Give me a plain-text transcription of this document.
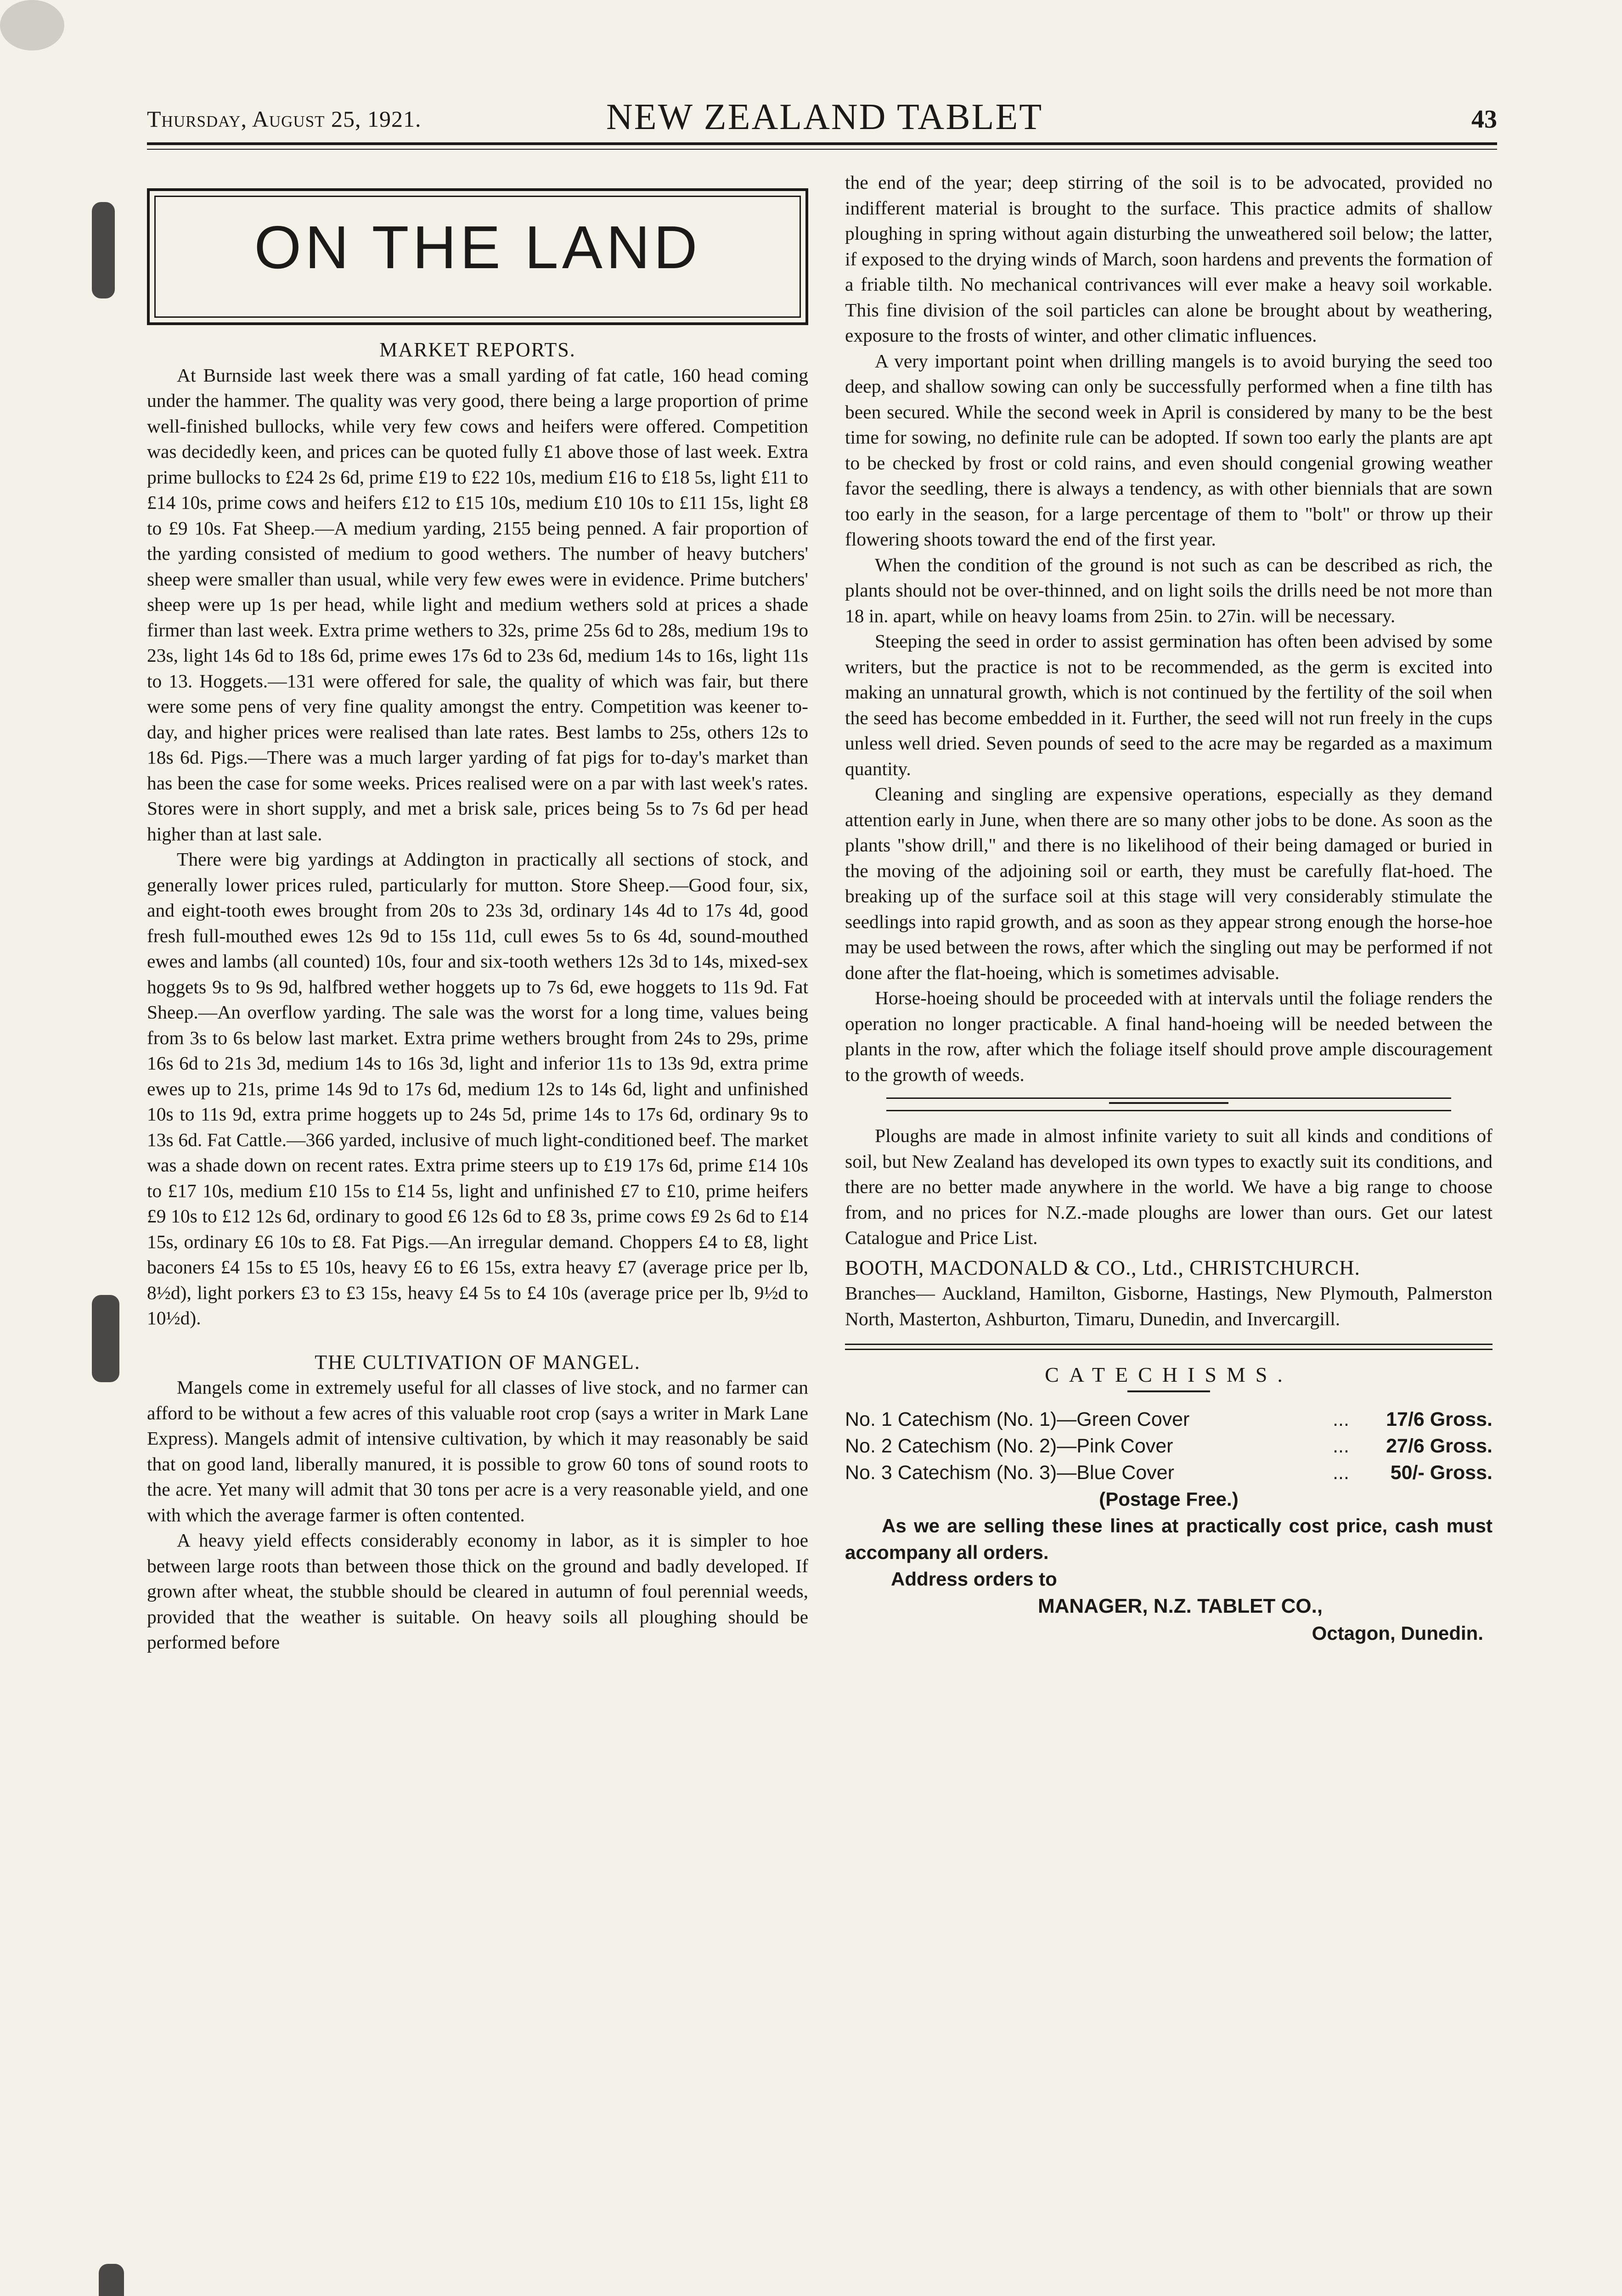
Thursday, August 25, 1921.	NEW ZEALAND TABLET	43
ON THE LAND

MARKET REPORTS.

At Burnside last week there was a small yarding of fat catle, 160 head coming under the hammer. The quality was very good, there being a large proportion of prime well-finished bullocks, while very few cows and heifers were offered. Competition was decidedly keen, and prices can be quoted fully £1 above those of last week. Extra prime bullocks to £24 2s 6d, prime £19 to £22 10s, medium £16 to £18 5s, light £11 to £14 10s, prime cows and heifers £12 to £15 10s, medium £10 10s to £11 15s, light £8 to £9 10s. Fat Sheep.—A medium yarding, 2155 being penned. A fair proportion of the yarding consisted of medium to good wethers. The number of heavy butchers' sheep were smaller than usual, while very few ewes were in evidence. Prime butchers' sheep were up 1s per head, while light and medium wethers sold at prices a shade firmer than last week. Extra prime wethers to 32s, prime 25s 6d to 28s, medium 19s to 23s, light 14s 6d to 18s 6d, prime ewes 17s 6d to 23s 6d, medium 14s to 16s, light 11s to 13. Hoggets.—131 were offered for sale, the quality of which was fair, but there were some pens of very fine quality amongst the entry. Competition was keener to-day, and higher prices were realised than late rates. Best lambs to 25s, others 12s to 18s 6d. Pigs.—There was a much larger yarding of fat pigs for to-day's market than has been the case for some weeks. Prices realised were on a par with last week's rates. Stores were in short supply, and met a brisk sale, prices being 5s to 7s 6d per head higher than at last sale.

There were big yardings at Addington in practically all sections of stock, and generally lower prices ruled, particularly for mutton. Store Sheep.—Good four, six, and eight-tooth ewes brought from 20s to 23s 3d, ordinary 14s 4d to 17s 4d, good fresh full-mouthed ewes 12s 9d to 15s 11d, cull ewes 5s to 6s 4d, sound-mouthed ewes and lambs (all counted) 10s, four and six-tooth wethers 12s 3d to 14s, mixed-sex hoggets 9s to 9s 9d, halfbred wether hoggets up to 7s 6d, ewe hoggets to 11s 9d. Fat Sheep.—An overflow yarding. The sale was the worst for a long time, values being from 3s to 6s below last market. Extra prime wethers brought from 24s to 29s, prime 16s 6d to 21s 3d, medium 14s to 16s 3d, light and inferior 11s to 13s 9d, extra prime ewes up to 21s, prime 14s 9d to 17s 6d, medium 12s to 14s 6d, light and unfinished 10s to 11s 9d, extra prime hoggets up to 24s 5d, prime 14s to 17s 6d, ordinary 9s to 13s 6d. Fat Cattle.—366 yarded, inclusive of much light-conditioned beef. The market was a shade down on recent rates. Extra prime steers up to £19 17s 6d, prime £14 10s to £17 10s, medium £10 15s to £14 5s, light and unfinished £7 to £10, prime heifers £9 10s to £12 12s 6d, ordinary to good £6 12s 6d to £8 3s, prime cows £9 2s 6d to £14 15s, ordinary £6 10s to £8. Fat Pigs.—An irregular demand. Choppers £4 to £8, light baconers £4 15s to £5 10s, heavy £6 to £6 15s, extra heavy £7 (average price per lb, 8½d), light porkers £3 to £3 15s, heavy £4 5s to £4 10s (average price per lb, 9½d to 10½d).

THE CULTIVATION OF MANGEL.

Mangels come in extremely useful for all classes of live stock, and no farmer can afford to be without a few acres of this valuable root crop (says a writer in Mark Lane Express). Mangels admit of intensive cultivation, by which it may reasonably be said that on good land, liberally manured, it is possible to grow 60 tons of sound roots to the acre. Yet many will admit that 30 tons per acre is a very reasonable yield, and one with which the average farmer is often contented.

A heavy yield effects considerably economy in labor, as it is simpler to hoe between large roots than between those thick on the ground and badly developed. If grown after wheat, the stubble should be cleared in autumn of foul perennial weeds, provided that the weather is suitable. On heavy soils all ploughing should be performed before

the end of the year; deep stirring of the soil is to be advocated, provided no indifferent material is brought to the surface. This practice admits of shallow ploughing in spring without again disturbing the unweathered soil below; the latter, if exposed to the drying winds of March, soon hardens and prevents the formation of a friable tilth. No mechanical contrivances will ever make a heavy soil workable. This fine division of the soil particles can alone be brought about by weathering, exposure to the frosts of winter, and other climatic influences.

A very important point when drilling mangels is to avoid burying the seed too deep, and shallow sowing can only be successfully performed when a fine tilth has been secured. While the second week in April is considered by many to be the best time for sowing, no definite rule can be adopted. If sown too early the plants are apt to be checked by frost or cold rains, and even should congenial growing weather favor the seedling, there is always a tendency, as with other biennials that are sown too early in the season, for a large percentage of them to "bolt" or throw up their flowering shoots toward the end of the first year.

When the condition of the ground is not such as can be described as rich, the plants should not be over-thinned, and on light soils the drills need be not more than 18 in. apart, while on heavy loams from 25in. to 27in. will be necessary.

Steeping the seed in order to assist germination has often been advised by some writers, but the practice is not to be recommended, as the germ is excited into making an unnatural growth, which is not continued by the fertility of the soil when the seed has become embedded in it. Further, the seed will not run freely in the cups unless well dried. Seven pounds of seed to the acre may be regarded as a maximum quantity.

Cleaning and singling are expensive operations, especially as they demand attention early in June, when there are so many other jobs to be done. As soon as the plants "show drill," and there is no likelihood of their being damaged or buried in the moving of the adjoining soil or earth, they must be carefully flat-hoed. The breaking up of the surface soil at this stage will very considerably stimulate the seedlings into rapid growth, and as soon as they appear strong enough the horse-hoe may be used between the rows, after which the singling out may be performed if not done after the flat-hoeing, which is sometimes advisable.

Horse-hoeing should be proceeded with at intervals until the foliage renders the operation no longer practicable. A final hand-hoeing will be needed between the plants in the row, after which the foliage itself should prove ample discouragement to the growth of weeds.

Ploughs are made in almost infinite variety to suit all kinds and conditions of soil, but New Zealand has developed its own types to exactly suit its conditions, and there are no better made anywhere in the world. We have a big range to choose from, and no prices for N.Z.-made ploughs are lower than ours. Get our latest Catalogue and Price List.

BOOTH, MACDONALD & CO., Ltd., CHRISTCHURCH.

Branches— Auckland, Hamilton, Gisborne, Hastings, New Plymouth, Palmerston North, Masterton, Ashburton, Timaru, Dunedin, and Invercargill.

CATECHISMS.
No. 1 Catechism (No. 1)—Green Cover	...	17/6 Gross.
No. 2 Catechism (No. 2)—Pink Cover	...	27/6 Gross.
No. 3 Catechism (No. 3)—Blue Cover	...	50/- Gross.
(Postage Free.)
As we are selling these lines at practically cost price, cash must accompany all orders.
Address orders to
MANAGER, N.Z. TABLET CO.,
Octagon, Dunedin.
